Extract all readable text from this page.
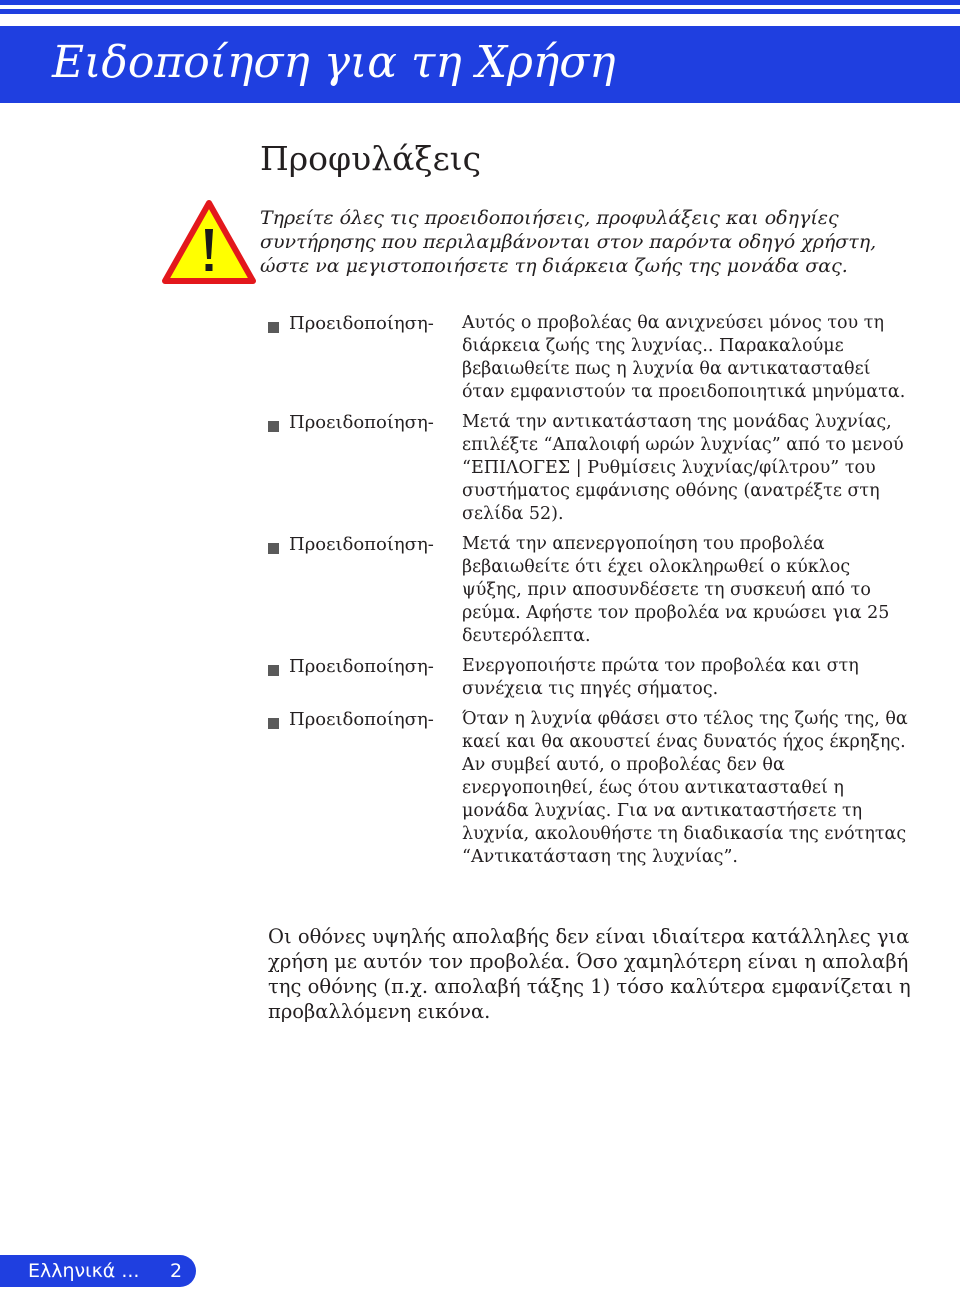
Ειδοποίηση για τη Χρήση
Προφυλάξεις

Τηρείτε όλες τις προειδοποιήσεις, προφυλάξεις και οδηγίες συντήρησης που περιλαμβάνονται στον παρόντα οδηγό χρήστη, ώστε να μεγιστοποιήσετε τη διάρκεια ζωής της μονάδα σας.

Προειδοποίηση- Αυτός ο προβολέας θα ανιχνεύσει μόνος του τη διάρκεια ζωής της λυχνίας.. Παρακαλούμε βεβαιωθείτε πως η λυχνία θα αντικατασταθεί όταν εμφανιστούν τα προειδοποιητικά μηνύματα.

Προειδοποίηση- Μετά την αντικατάσταση της μονάδας λυχνίας, επιλέξτε “Απαλοιφή ωρών λυχνίας” από το μενού “ΕΠΙΛΟΓΕΣ | Ρυθμίσεις λυχνίας/φίλτρου” του συστήματος εμφάνισης οθόνης (ανατρέξτε στη σελίδα 52).

Προειδοποίηση- Μετά την απενεργοποίηση του προβολέα βεβαιωθείτε ότι έχει ολοκληρωθεί ο κύκλος ψύξης, πριν αποσυνδέσετε τη συσκευή από το ρεύμα. Αφήστε τον προβολέα να κρυώσει για 25 δευτερόλεπτα.

Προειδοποίηση- Ενεργοποιήστε πρώτα τον προβολέα και στη συνέχεια τις πηγές σήματος.

Προειδοποίηση- Όταν η λυχνία φθάσει στο τέλος της ζωής της, θα καεί και θα ακουστεί ένας δυνατός ήχος έκρηξης. Αν συμβεί αυτό, ο προβολέας δεν θα ενεργοποιηθεί, έως ότου αντικατασταθεί η μονάδα λυχνίας. Για να αντικαταστήσετε τη λυχνία, ακολουθήστε τη διαδικασία της ενότητας “Αντικατάσταση της λυχνίας”.

Οι οθόνες υψηλής απολαβής δεν είναι ιδιαίτερα κατάλληλες για χρήση με αυτόν τον προβολέα. Όσο χαμηλότερη είναι η απολαβή της οθόνης (π.χ. απολαβή τάξης 1) τόσο καλύτερα εμφανίζεται η προβαλλόμενη εικόνα.

Ελληνικά ... 2
